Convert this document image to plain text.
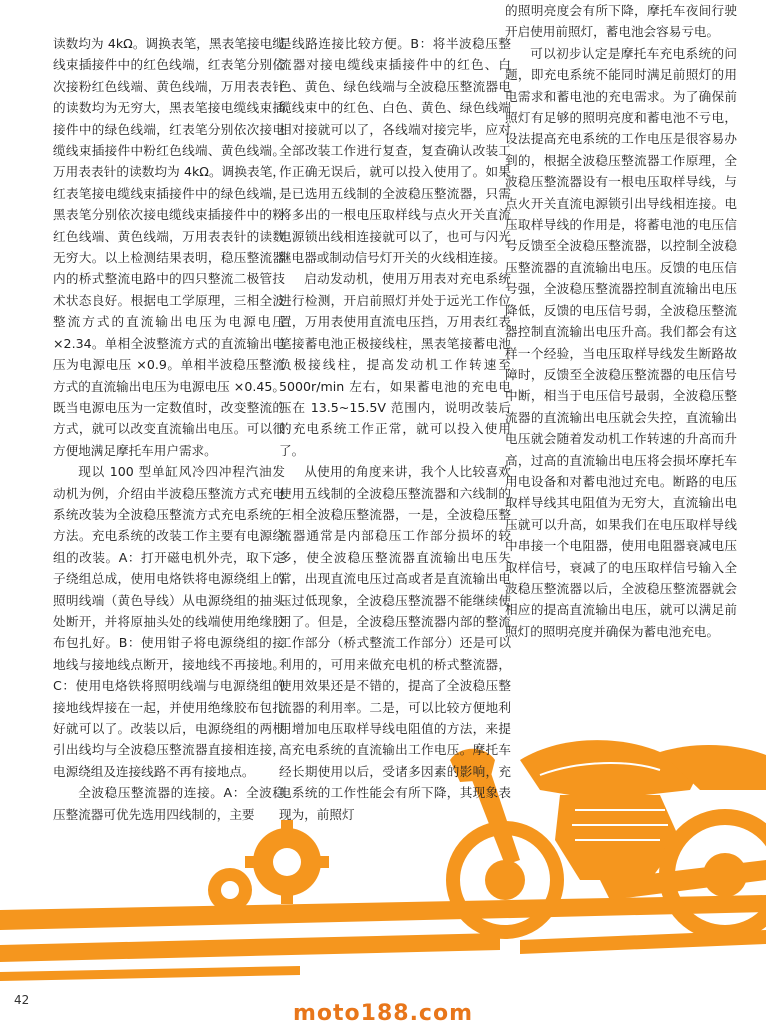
读数均为 4kΩ。调换表笔，黑表笔接电缆线束插接件中的红色线端，红表笔分别依次接粉红色线端、黄色线端，万用表表针的读数均为无穷大，黑表笔接电缆线束插接件中的绿色线端，红表笔分别依次接电缆线束插接件中粉红色线端、黄色线端。万用表表针的读数均为 4kΩ。调换表笔，红表笔接电缆线束插接件中的绿色线端，黑表笔分别依次接电缆线束插接件中的粉红色线端、黄色线端，万用表表针的读数无穷大。以上检测结果表明，稳压整流器内的桥式整流电路中的四只整流二极管技术状态良好。根据电工学原理，三相全波整流方式的直流输出电压为电源电压×2.34。单相全波整流方式的直流输出电压为电源电压 ×0.9。单相半波稳压整流方式的直流输出电压为电源电压 ×0.45。既当电源电压为一定数值时，改变整流的方式，就可以改变直流输出电压。可以很方便地满足摩托车用户需求。

现以 100 型单缸风冷四冲程汽油发动机为例，介绍由半波稳压整流方式充电系统改装为全波稳压整流方式充电系统的方法。充电系统的改装工作主要有电源绕组的改装。A：打开磁电机外壳，取下定子绕组总成，使用电烙铁将电源绕组上的照明线端（黄色导线）从电源绕组的抽头处断开，并将原抽头处的线端使用绝缘胶布包扎好。B：使用钳子将电源绕组的接地线与接地线点断开，接地线不再接地。C：使用电烙铁将照明线端与电源绕组的接地线焊接在一起，并使用绝缘胶布包扎好就可以了。改装以后，电源绕组的两根引出线均与全波稳压整流器直接相连接，电源绕组及连接线路不再有接地点。

全波稳压整流器的连接。A：全波稳压整流器可优先选用四线制的，主要

是线路连接比较方便。B：将半波稳压整流器对接电缆线束插接件中的红色、白色、黄色、绿色线端与全波稳压整流器电缆线束中的红色、白色、黄色、绿色线端相对接就可以了，各线端对接完毕，应对全部改装工作进行复查，复查确认改装工作正确无误后，就可以投入使用了。如果是已选用五线制的全波稳压整流器，只需将多出的一根电压取样线与点火开关直流电源锁出线相连接就可以了，也可与闪光继电器或制动信号灯开关的火线相连接。

启动发动机，使用万用表对充电系统进行检测，开启前照灯并处于远光工作位置，万用表使用直流电压挡，万用表红表笔接蓄电池正极接线柱，黑表笔接蓄电池负极接线柱，提高发动机工作转速至 5000r/min 左右，如果蓄电池的充电电压在 13.5~15.5V 范围内，说明改装后的充电系统工作正常，就可以投入使用了。

从使用的角度来讲，我个人比较喜欢使用五线制的全波稳压整流器和六线制的三相全波稳压整流器，一是，全波稳压整流器通常是内部稳压工作部分损坏的较多，使全波稳压整流器直流输出电压失常，出现直流电压过高或者是直流输出电压过低现象，全波稳压整流器不能继续使用了。但是，全波稳压整流器内部的整流工作部分（桥式整流工作部分）还是可以利用的，可用来做充电机的桥式整流器，使用效果还是不错的，提高了全波稳压整流器的利用率。二是，可以比较方便地利用增加电压取样导线电阻值的方法，来提高充电系统的直流输出工作电压。摩托车经长期使用以后，受诸多因素的影响，充电系统的工作性能会有所下降，其现象表现为，前照灯

的照明亮度会有所下降，摩托车夜间行驶开启使用前照灯，蓄电池会容易亏电。

可以初步认定是摩托车充电系统的问题，即充电系统不能同时满足前照灯的用电需求和蓄电池的充电需求。为了确保前照灯有足够的照明亮度和蓄电池不亏电，设法提高充电系统的工作电压是很容易办到的，根据全波稳压整流器工作原理，全波稳压整流器设有一根电压取样导线，与点火开关直流电源锁引出导线相连接。电压取样导线的作用是，将蓄电池的电压信号反馈至全波稳压整流器，以控制全波稳压整流器的直流输出电压。反馈的电压信号强，全波稳压整流器控制直流输出电压降低，反馈的电压信号弱，全波稳压整流器控制直流输出电压升高。我们都会有这样一个经验，当电压取样导线发生断路故障时，反馈至全波稳压整流器的电压信号中断，相当于电压信号最弱，全波稳压整流器的直流输出电压就会失控，直流输出电压就会随着发动机工作转速的升高而升高，过高的直流输出电压将会损坏摩托车用电设备和对蓄电池过充电。断路的电压取样导线其电阻值为无穷大，直流输出电压就可以升高，如果我们在电压取样导线中串接一个电阻器，使用电阻器衰减电压取样信号，衰减了的电压取样信号输入全波稳压整流器以后，全波稳压整流器就会相应的提高直流输出电压，就可以满足前照灯的照明亮度并确保为蓄电池充电。

42
moto188.com
